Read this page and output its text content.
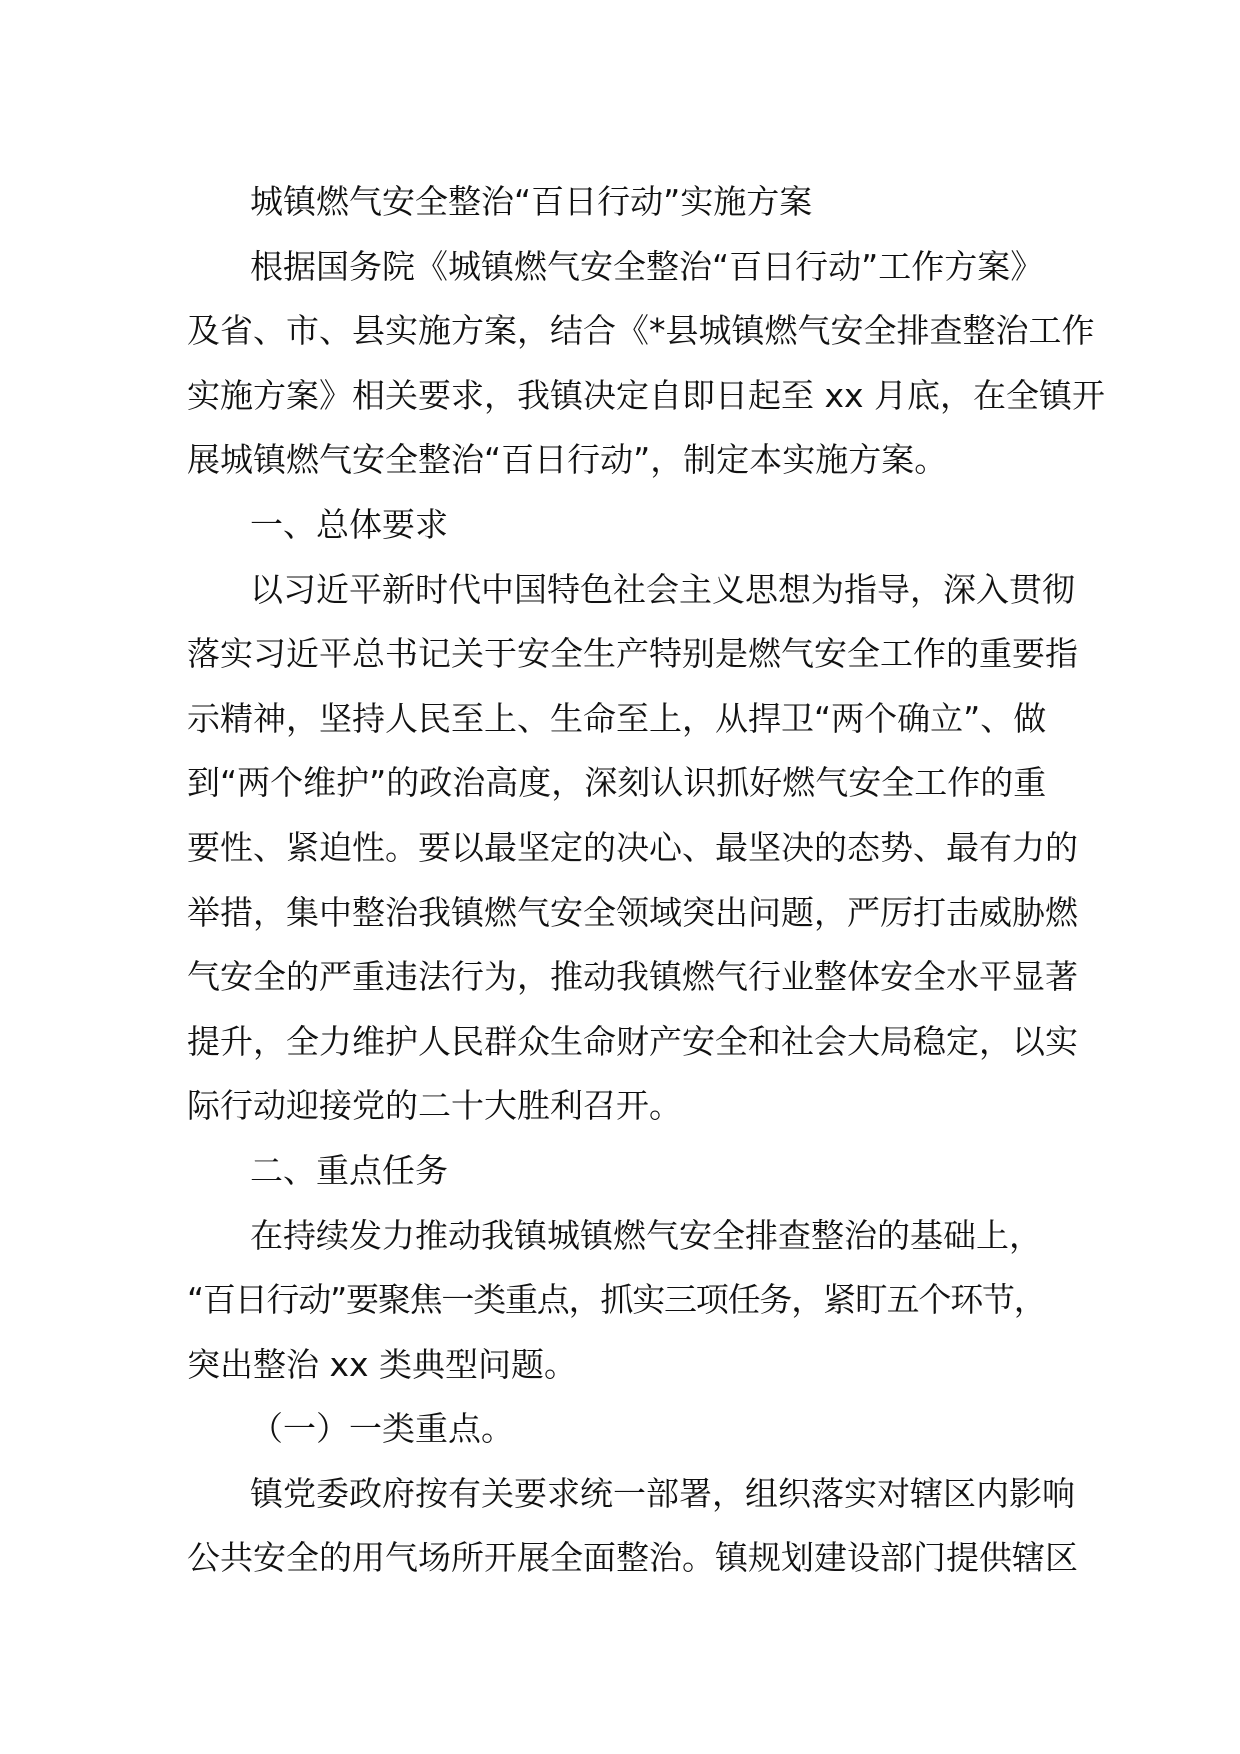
城镇燃气安全整治“百日行动”实施方案
根据国务院《城镇燃气安全整治“百日行动”工作方案》
及省、市、县实施方案，结合《*县城镇燃气安全排查整治工作
实施方案》相关要求，我镇决定自即日起至 xx 月底，在全镇开
展城镇燃气安全整治“百日行动”，制定本实施方案。
一、总体要求
以习近平新时代中国特色社会主义思想为指导，深入贯彻
落实习近平总书记关于安全生产特别是燃气安全工作的重要指
示精神，坚持人民至上、生命至上，从捍卫“两个确立”、做
到“两个维护”的政治高度，深刻认识抓好燃气安全工作的重
要性、紧迫性。要以最坚定的决心、最坚决的态势、最有力的
举措，集中整治我镇燃气安全领域突出问题，严厉打击威胁燃
气安全的严重违法行为，推动我镇燃气行业整体安全水平显著
提升，全力维护人民群众生命财产安全和社会大局稳定，以实
际行动迎接党的二十大胜利召开。
二、重点任务
在持续发力推动我镇城镇燃气安全排查整治的基础上，
“百日行动”要聚焦一类重点，抓实三项任务，紧盯五个环节，
突出整治 xx 类典型问题。
（一）一类重点。
镇党委政府按有关要求统一部署，组织落实对辖区内影响
公共安全的用气场所开展全面整治。镇规划建设部门提供辖区
